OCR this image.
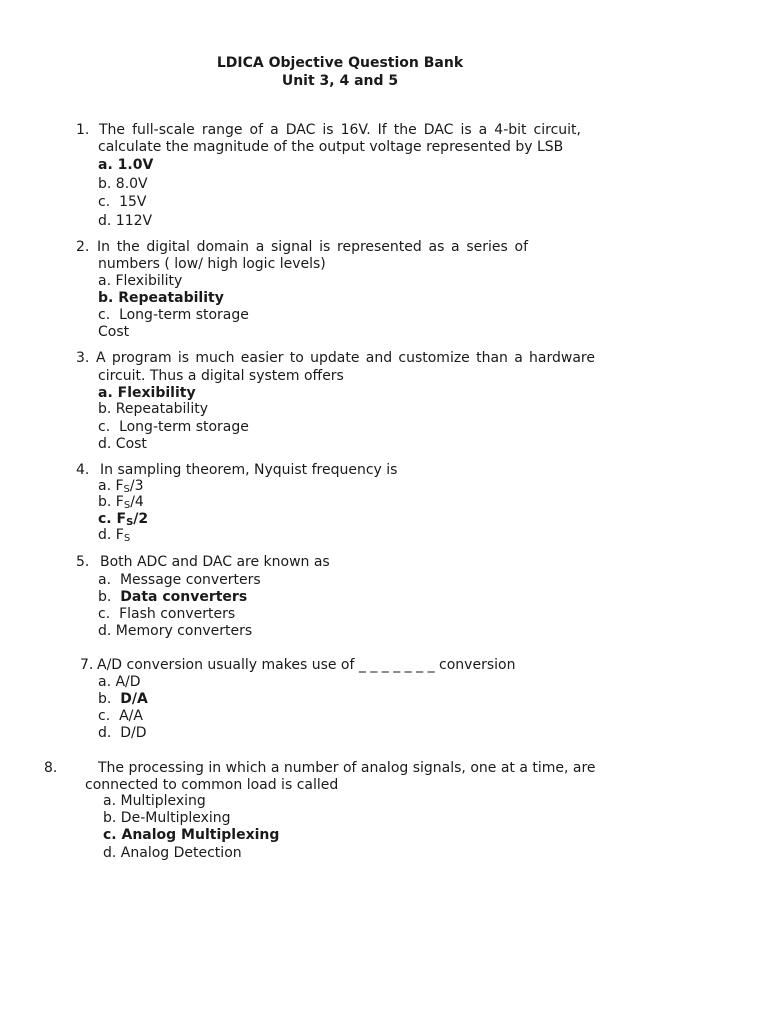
LDICA Objective Question Bank
Unit 3, 4 and 5
1. The full-scale range of a DAC is 16V. If the DAC is a 4-bit circuit,
calculate the magnitude of the output voltage represented by LSB
a. 1.0V
b. 8.0V
c. 15V
d. 112V
2. In the digital domain a signal is represented as a series of
numbers ( low/ high logic levels)
a. Flexibility
b. Repeatability
c. Long-term storage
Cost
3. A program is much easier to update and customize than a hardware
circuit. Thus a digital system offers
a. Flexibility
b. Repeatability
c. Long-term storage
d. Cost
4. In sampling theorem, Nyquist frequency is
a. $F_S/3$
b. $F_S/4$
c. $F_S/2$
d. $F_S$
5. Both ADC and DAC are known as
a. Message converters
b. Data converters
c. Flash converters
d. Memory converters
7. A/D conversion usually makes use of _ _ _ _ _ _ _ conversion
a. A/D
b. D/A
c. A/A
d. D/D
8.	The processing in which a number of analog signals, one at a time, are
connected to common load is called
a. Multiplexing
b. De-Multiplexing
c. Analog Multiplexing
d. Analog Detection
